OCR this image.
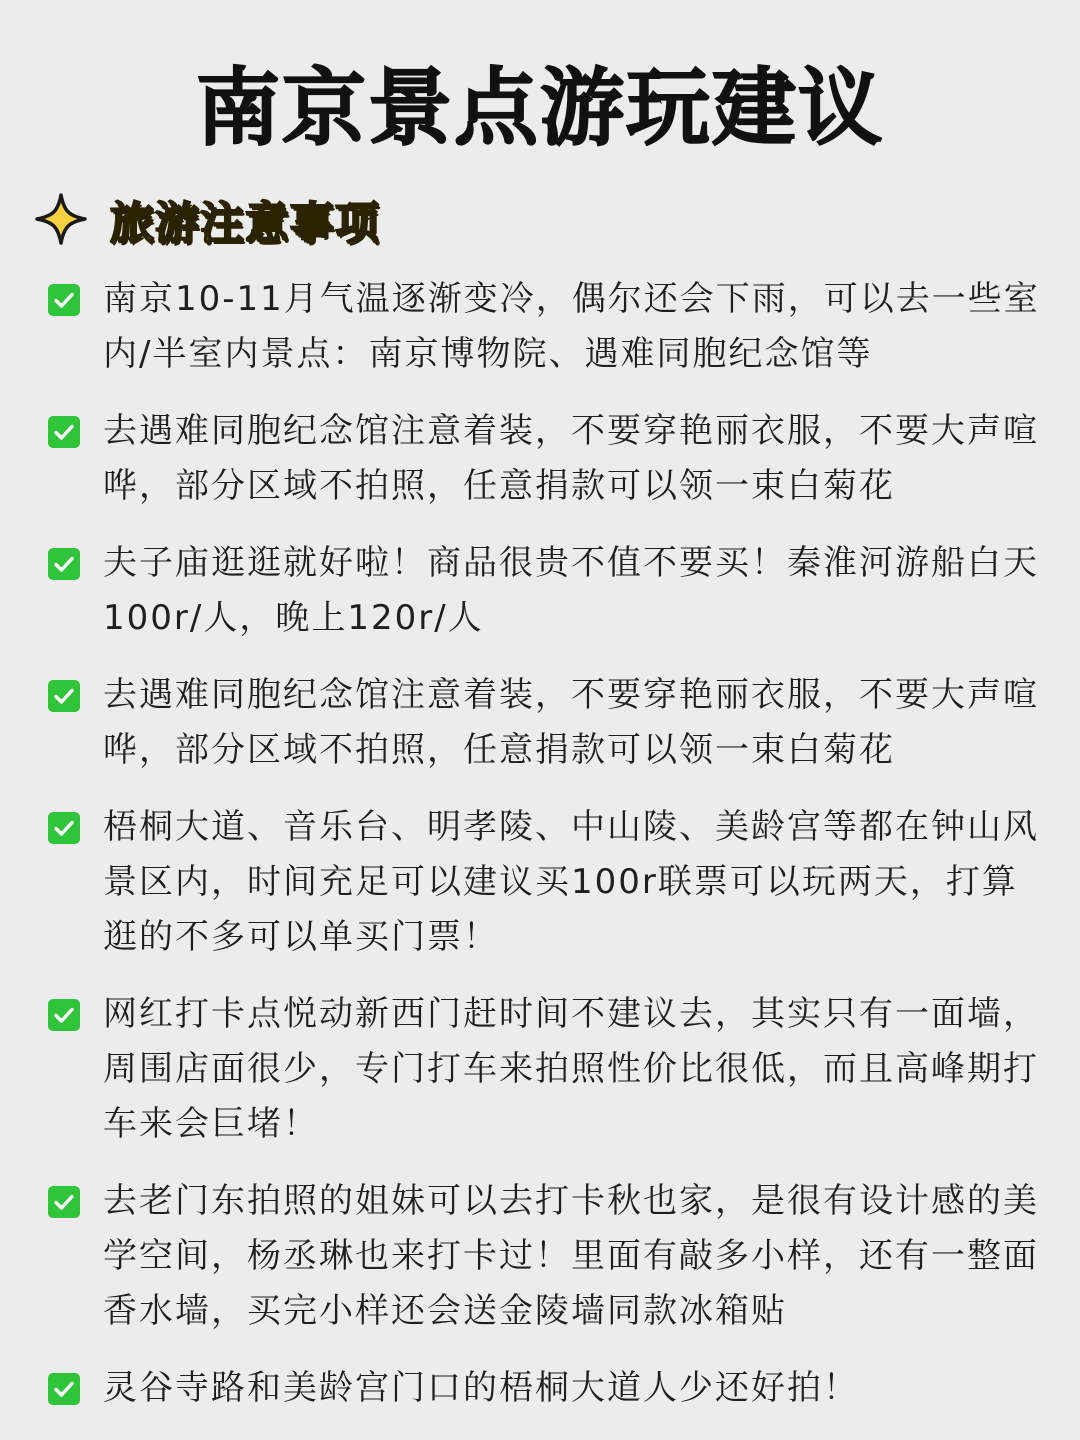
南京景点游玩建议
旅游注意事项
南京10-11月气温逐渐变冷，偶尔还会下雨，可以去一些室内/半室内景点：南京博物院、遇难同胞纪念馆等
去遇难同胞纪念馆注意着装，不要穿艳丽衣服，不要大声喧哗，部分区域不拍照，任意捐款可以领一束白菊花
夫子庙逛逛就好啦！商品很贵不值不要买！秦淮河游船白天100r/人，晚上120r/人
去遇难同胞纪念馆注意着装，不要穿艳丽衣服，不要大声喧哗，部分区域不拍照，任意捐款可以领一束白菊花
梧桐大道、音乐台、明孝陵、中山陵、美龄宫等都在钟山风景区内，时间充足可以建议买100r联票可以玩两天，打算逛的不多可以单买门票！
网红打卡点悦动新西门赶时间不建议去，其实只有一面墙，周围店面很少，专门打车来拍照性价比很低，而且高峰期打车来会巨堵！
去老门东拍照的姐妹可以去打卡秋也家，是很有设计感的美学空间，杨丞琳也来打卡过！里面有敲多小样，还有一整面香水墙，买完小样还会送金陵墙同款冰箱贴
灵谷寺路和美龄宫门口的梧桐大道人少还好拍！
